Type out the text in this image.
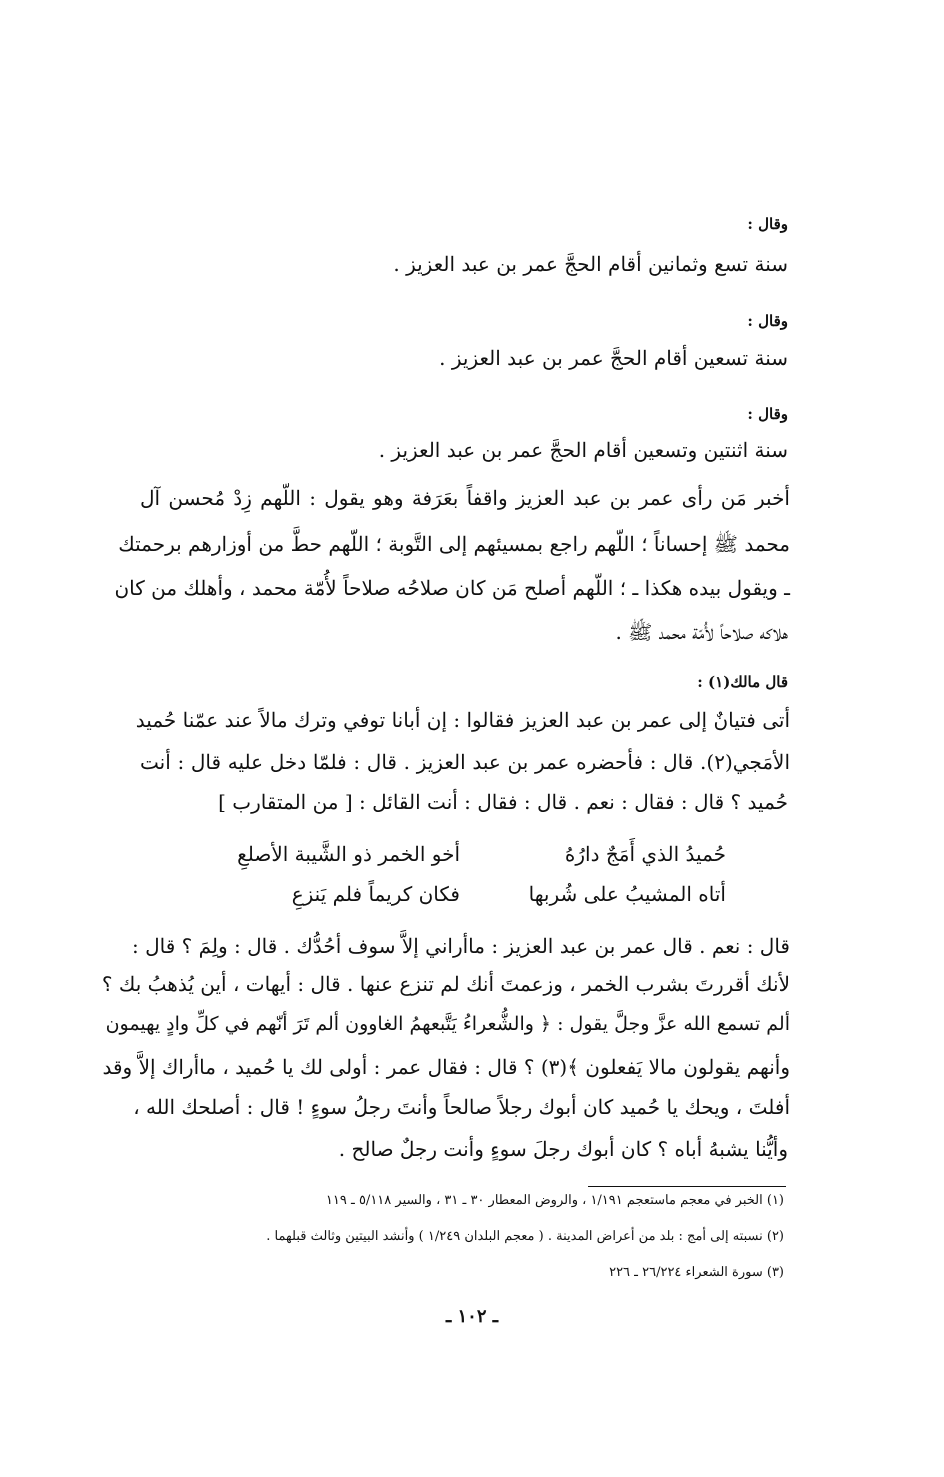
وقال :
سنة تسع وثمانين أقام الحجَّ عمر بن عبد العزيز .
وقال :
سنة تسعين أقام الحجَّ عمر بن عبد العزيز .
وقال :
سنة اثنتين وتسعين أقام الحجَّ عمر بن عبد العزيز .
أخبر مَن رأى عمر بن عبد العزيز واقفاً بعَرَفة وهو يقول : اللّهم زِدْ مُحسن آل
محمد ﷺ إحساناً ؛ اللّهم راجع بمسيئهم إلى التَّوبة ؛ اللّهم حطَّ من أوزارهم برحمتك
ـ ويقول بيده هكذا ـ ؛ اللّهم أصلح مَن كان صلاحُه صلاحاً لأُمّة محمد ، وأهلك من كان
هلاكه صلاحاً لأُمّة محمد ﷺ .
قال مالك(١) :
أتى فتيانٌ إلى عمر بن عبد العزيز فقالوا : إن أبانا توفي وترك مالاً عند عمّنا حُميد
الأمَجي(٢). قال : فأحضره عمر بن عبد العزيز . قال : فلمّا دخل عليه قال : أنت
حُميد ؟ قال : فقال : نعم . قال : فقال : أنت القائل : [ من المتقارب ]
حُميدُ الذي أَمَجٌ دارُهُ
أخو الخمر ذو الشَّيبة الأصلعِ
أتاه المشيبُ على شُربها
فكان كريماً فلم يَنزعِ
قال : نعم . قال عمر بن عبد العزيز : ماأراني إلاَّ سوف أحُدُّك . قال : ولِمَ ؟ قال :
لأنك أقررتَ بشرب الخمر ، وزعمتَ أنك لم تنزع عنها . قال : أيهات ، أين يُذهبُ بك ؟
ألم تسمع الله عزَّ وجلَّ يقول : ﴿ والشُّعراءُ يَتَّبعهمُ الغاوون ألم تَرَ أنّهم في كلِّ وادٍ يهيمون
وأنهم يقولون مالا يَفعلون ﴾(٣) ؟ قال : فقال عمر : أولى لك يا حُميد ، ماأراك إلاَّ وقد
أفلتَ ، ويحك يا حُميد كان أبوك رجلاً صالحاً وأنتَ رجلُ سوءٍ ! قال : أصلحك الله ،
وأيُّنا يشبهُ أباه ؟ كان أبوك رجلَ سوءٍ وأنت رجلٌ صالح .
(١) الخبر في معجم ماستعجم ١/١٩١ ، والروض المعطار ٣٠ ـ ٣١ ، والسير ٥/١١٨ ـ ١١٩
(٢) نسبته إلى أمج : بلد من أعراض المدينة . ( معجم البلدان ١/٢٤٩ ) وأنشد البيتين وثالث قبلهما .
(٣) سورة الشعراء ٢٦/٢٢٤ ـ ٢٢٦
ـ ١٠٢ ـ
